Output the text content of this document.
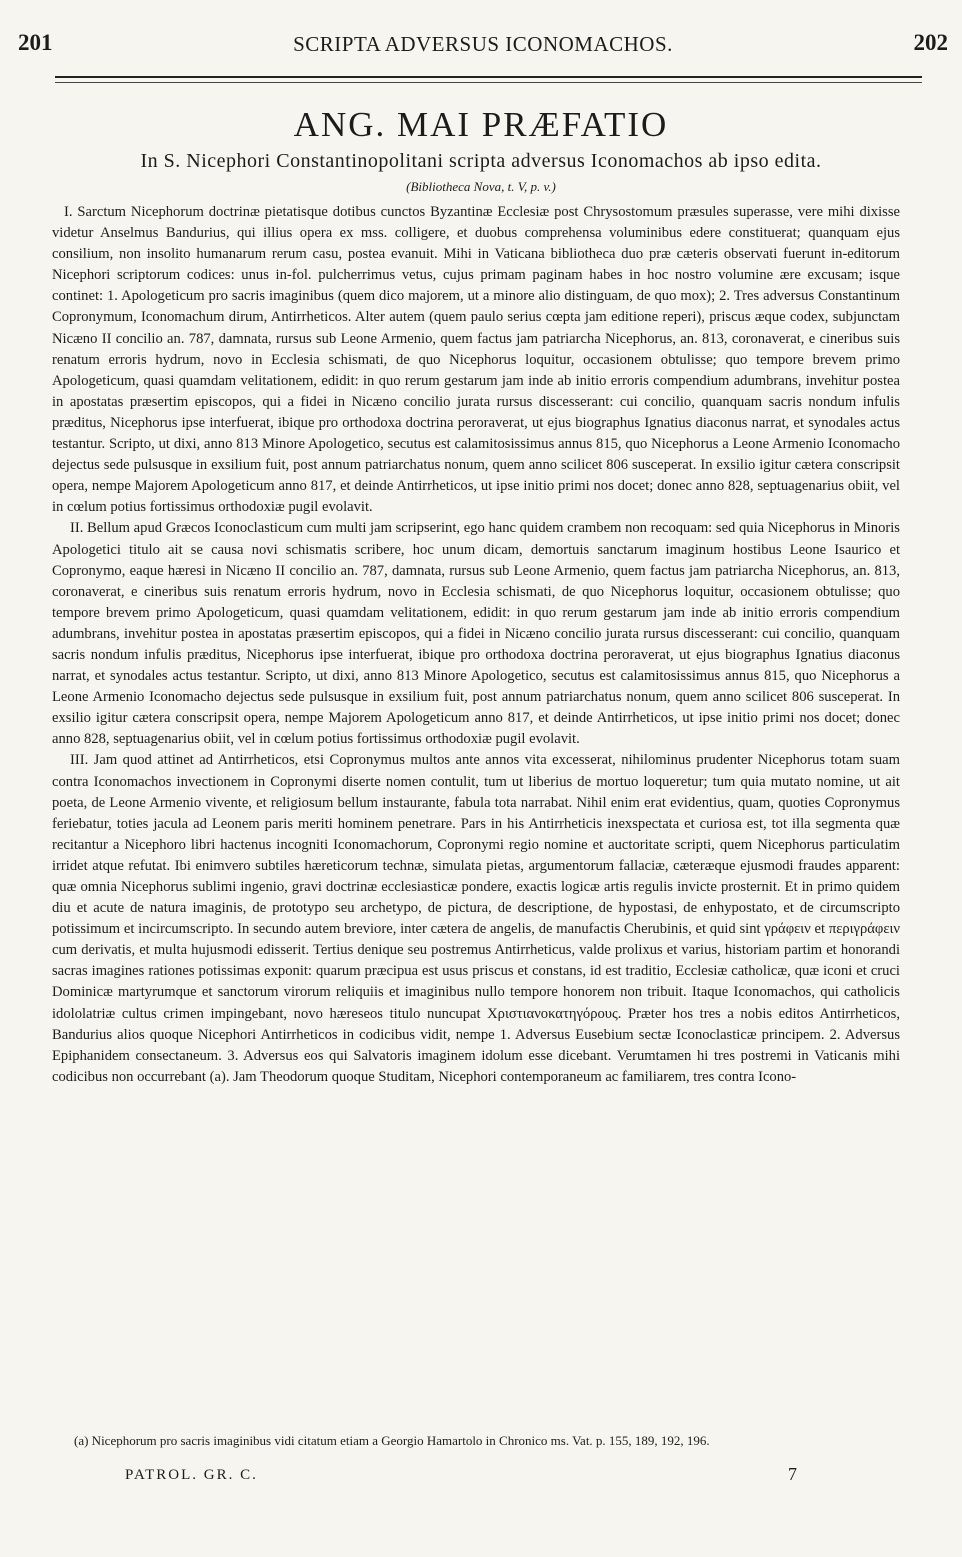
201	SCRIPTA ADVERSUS ICONOMACHOS.	202
ANG. MAI PRÆFATIO
In S. Nicephori Constantinopolitani scripta adversus Iconomachos ab ipso edita.
(Bibliotheca Nova, t. V, p. v.)

I. Sarctum Nicephorum doctrinæ pietatisque dotibus cunctos Byzantinæ Ecclesiæ post Chrysostomum præsules superasse, vere mihi dixisse videtur Anselmus Bandurius, qui illius opera ex mss. colligere, et duobus comprehensa voluminibus edere constituerat; quanquam ejus consilium, non insolito humanarum rerum casu, postea evanuit. Mihi in Vaticana bibliotheca duo præ cæteris observati fuerunt in-editorum Nicephori scriptorum codices: unus in-fol. pulcherrimus vetus, cujus primam paginam habes in hoc nostro volumine ære excusam; isque continet: 1. Apologeticum pro sacris imaginibus (quem dico majorem, ut a minore alio distinguam, de quo mox); 2. Tres adversus Constantinum Copronymum, Iconomachum dirum, Antirrheticos. Alter autem (quem paulo serius cœpta jam editione reperi), priscus æque codex, subjunctam Nicæno II concilio an. 787, damnata, rursus sub Leone Armenio, quem factus jam patriarcha Nicephorus, an. 813, coronaverat, e cineribus suis renatum erroris hydrum, novo in Ecclesia schismati, de quo Nicephorus loquitur, occasionem obtulisse; quo tempore brevem primo Apologeticum, quasi quamdam velitationem, edidit: in quo rerum gestarum jam inde ab initio erroris compendium adumbrans, invehitur postea in apostatas præsertim episcopos, qui a fidei in Nicæno concilio jurata rursus discesserant: cui concilio, quanquam sacris nondum infulis præditus, Nicephorus ipse interfuerat, ibique pro orthodoxa doctrina peroraverat, ut ejus biographus Ignatius diaconus narrat, et synodales actus testantur. Scripto, ut dixi, anno 813 Minore Apologetico, secutus est calamitosissimus annus 815, quo Nicephorus a Leone Armenio Iconomacho dejectus sede pulsusque in exsilium fuit, post annum patriarchatus nonum, quem anno scilicet 806 susceperat. In exsilio igitur cætera conscripsit opera, nempe Majorem Apologeticum anno 817, et deinde Antirrheticos, ut ipse initio primi nos docet; donec anno 828, septuagenarius obiit, vel in cœlum potius fortissimus orthodoxiæ pugil evolavit.

II. Bellum apud Græcos Iconoclasticum cum multi jam scripserint, ego hanc quidem crambem non recoquam: sed quia Nicephorus in Minoris Apologetici titulo ait se causa novi schismatis scribere, hoc unum dicam, demortuis sanctarum imaginum hostibus Leone Isaurico et Copronymo, eaque hæresi in Nicæno II concilio an. 787, damnata, rursus sub Leone Armenio, quem factus jam patriarcha Nicephorus, an. 813, coronaverat, e cineribus suis renatum erroris hydrum, novo in Ecclesia schismati, de quo Nicephorus loquitur, occasionem obtulisse; quo tempore brevem primo Apologeticum, quasi quamdam velitationem, edidit: in quo rerum gestarum jam inde ab initio erroris compendium adumbrans, invehitur postea in apostatas præsertim episcopos, qui a fidei in Nicæno concilio jurata rursus discesserant: cui concilio, quanquam sacris nondum infulis præditus, Nicephorus ipse interfuerat, ibique pro orthodoxa doctrina peroraverat, ut ejus biographus Ignatius diaconus narrat, et synodales actus testantur. Scripto, ut dixi, anno 813 Minore Apologetico, secutus est calamitosissimus annus 815, quo Nicephorus a Leone Armenio Iconomacho dejectus sede pulsusque in exsilium fuit, post annum patriarchatus nonum, quem anno scilicet 806 susceperat. In exsilio igitur cætera conscripsit opera, nempe Majorem Apologeticum anno 817, et deinde Antirrheticos, ut ipse initio primi nos docet; donec anno 828, septuagenarius obiit, vel in cœlum potius fortissimus orthodoxiæ pugil evolavit.

III. Jam quod attinet ad Antirrheticos, etsi Copronymus multos ante annos vita excesserat, nihilominus prudenter Nicephorus totam suam contra Iconomachos invectionem in Copronymi diserte nomen contulit, tum ut liberius de mortuo loqueretur; tum quia mutato nomine, ut ait poeta, de Leone Armenio vivente, et religiosum bellum instaurante, fabula tota narrabat. Nihil enim erat evidentius, quam, quoties Copronymus feriebatur, toties jacula ad Leonem paris meriti hominem penetrare. Pars in his Antirrheticis inexspectata et curiosa est, tot illa segmenta quæ recitantur a Nicephoro libri hactenus incogniti Iconomachorum, Copronymi regio nomine et auctoritate scripti, quem Nicephorus particulatim irridet atque refutat. Ibi enimvero subtiles hæreticorum technæ, simulata pietas, argumentorum fallaciæ, cæteræque ejusmodi fraudes apparent: quæ omnia Nicephorus sublimi ingenio, gravi doctrinæ ecclesiasticæ pondere, exactis logicæ artis regulis invicte prosternit. Et in primo quidem diu et acute de natura imaginis, de prototypo seu archetypo, de pictura, de descriptione, de hypostasi, de enhypostato, et de circumscripto potissimum et incircumscripto. In secundo autem breviore, inter cætera de angelis, de manufactis Cherubinis, et quid sint γράφειν et περιγράφειν cum derivatis, et multa hujusmodi edisserit. Tertius denique seu postremus Antirrheticus, valde prolixus et varius, historiam partim et honorandi sacras imagines rationes potissimas exponit: quarum præcipua est usus priscus et constans, id est traditio, Ecclesiæ catholicæ, quæ iconi et cruci Dominicæ martyrumque et sanctorum virorum reliquiis et imaginibus nullo tempore honorem non tribuit. Itaque Iconomachos, qui catholicis idololatriæ cultus crimen impingebant, novo hæreseos titulo nuncupat Χριστιανοκατηγόρους. Præter hos tres a nobis editos Antirrheticos, Bandurius alios quoque Nicephori Antirrheticos in codicibus vidit, nempe 1. Adversus Eusebium sectæ Iconoclasticæ principem. 2. Adversus Epiphanidem consectaneum. 3. Adversus eos qui Salvatoris imaginem idolum esse dicebant. Verumtamen hi tres postremi in Vaticanis mihi codicibus non occurrebant (a). Jam Theodorum quoque Studitam, Nicephori contemporaneum ac familiarem, tres contra Icono-

(a) Nicephorum pro sacris imaginibus vidi citatum etiam a Georgio Hamartolo in Chronico ms. Vat. p. 155, 189, 192, 196.
PATROL. GR. C.	7
